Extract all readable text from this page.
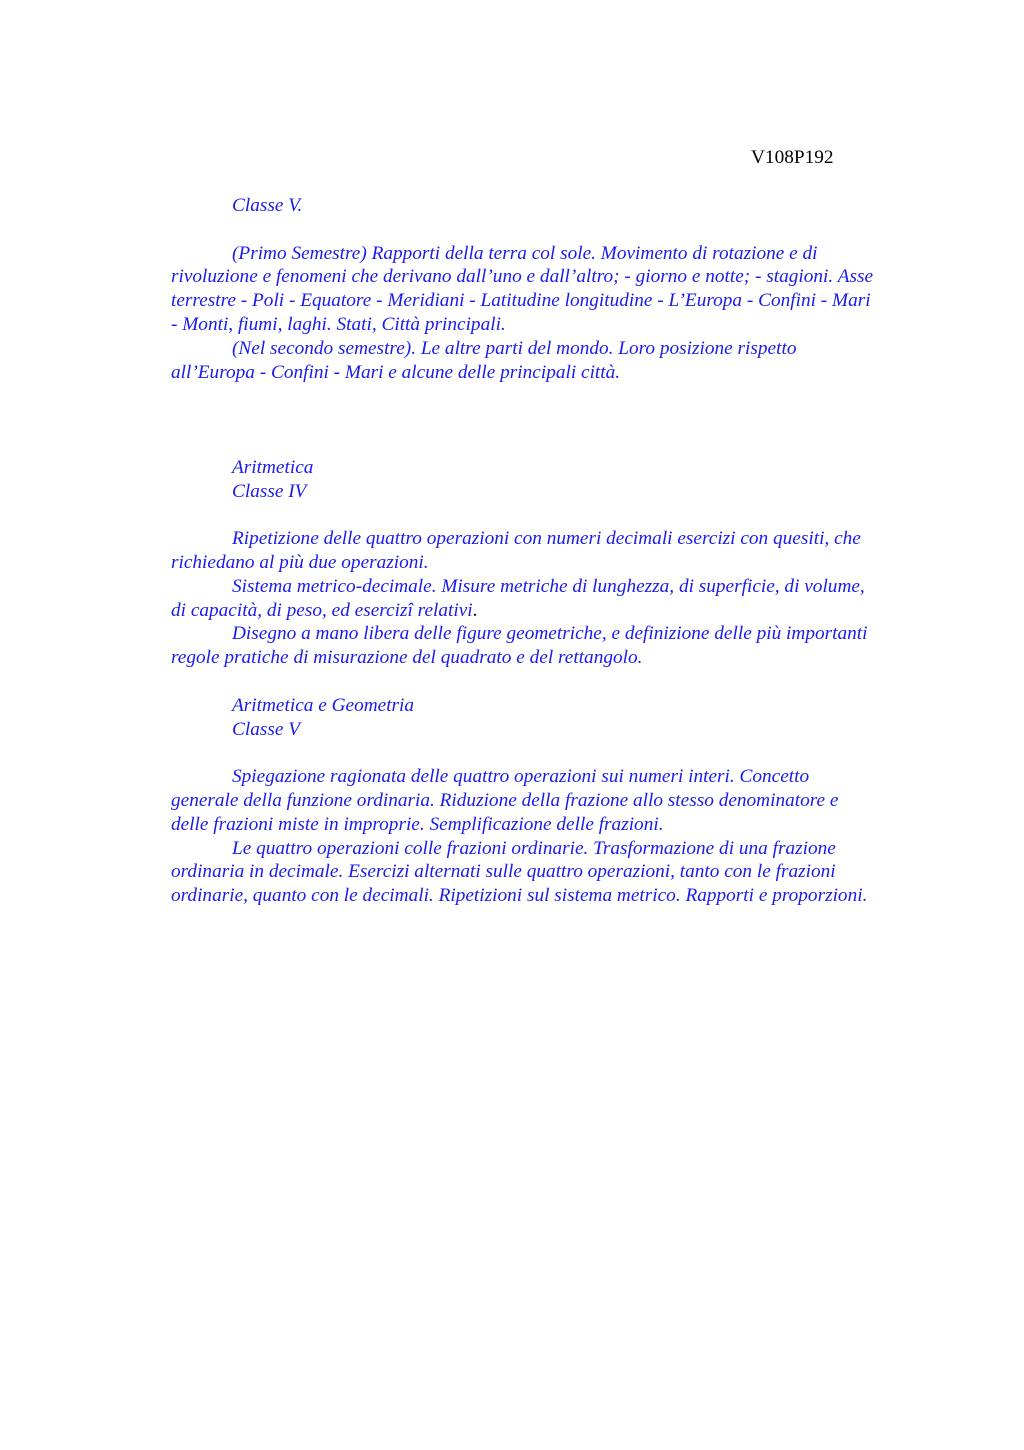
V108P192

Classe V.

(Primo Semestre) Rapporti della terra col sole. Movimento di rotazione e di

rivoluzione e fenomeni che derivano dall’uno e dall’altro; - giorno e notte; - stagioni. Asse

terrestre - Poli - Equatore - Meridiani - Latitudine longitudine - L’Europa - Confini - Mari

- Monti, fiumi, laghi. Stati, Città principali.

(Nel secondo semestre). Le altre parti del mondo. Loro posizione rispetto

all’Europa - Confini - Mari e alcune delle principali città.

Aritmetica

Classe IV

Ripetizione delle quattro operazioni con numeri decimali esercizi con quesiti, che

richiedano al più due operazioni.

Sistema metrico-decimale. Misure metriche di lunghezza, di superficie, di volume,

di capacità, di peso, ed esercizi relativi.

Disegno a mano libera delle figure geometriche, e definizione delle più importanti

regole pratiche di misurazione del quadrato e del rettangolo.

Aritmetica e Geometria

Classe V

Spiegazione ragionata delle quattro operazioni sui numeri interi. Concetto

generale della funzione ordinaria. Riduzione della frazione allo stesso denominatore e

delle frazioni miste in improprie. Semplificazione delle frazioni.

Le quattro operazioni colle frazioni ordinarie. Trasformazione di una frazione

ordinaria in decimale. Esercizi alternati sulle quattro operazioni, tanto con le frazioni

ordinarie, quanto con le decimali. Ripetizioni sul sistema metrico. Rapporti e proporzioni.
